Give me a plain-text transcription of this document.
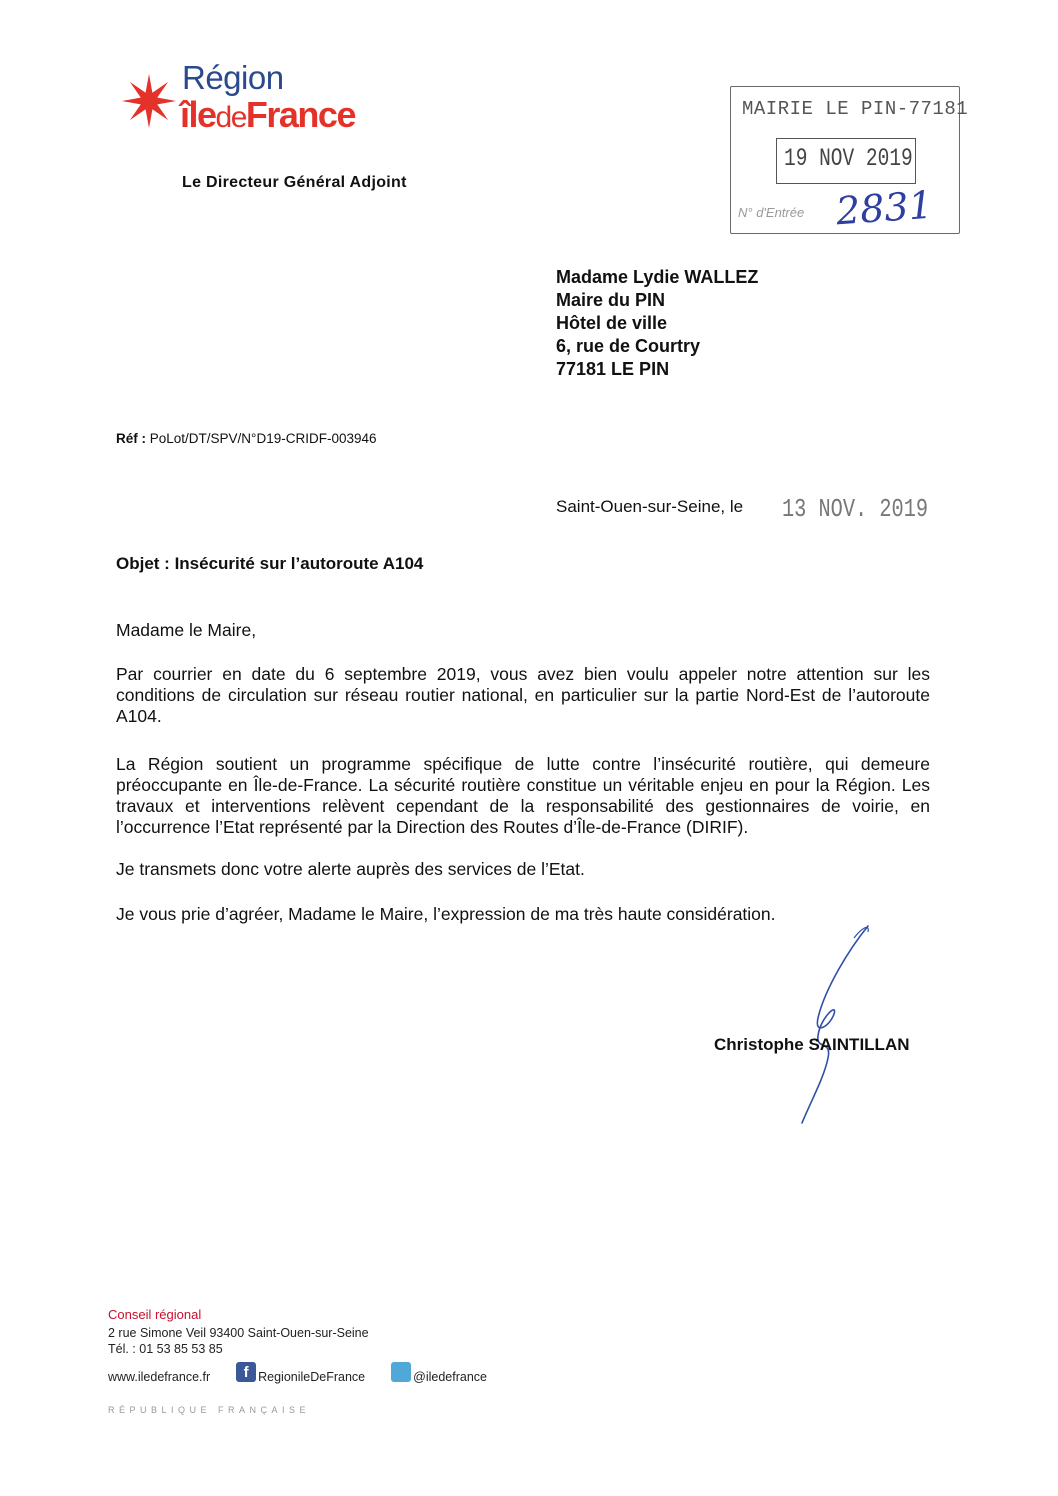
Région
îledeFrance
Le Directeur Général Adjoint
MAIRIE LE PIN-77181
19 NOV 2019
N° d'Entrée 2831
Madame Lydie WALLEZ
Maire du PIN
Hôtel de ville
6, rue de Courtry
77181 LE PIN
Réf : PoLot/DT/SPV/N°D19-CRIDF-003946
Saint-Ouen-sur-Seine, le 13 NOV. 2019
Objet : Insécurité sur l’autoroute A104
Madame le Maire,
Par courrier en date du 6 septembre 2019, vous avez bien voulu appeler notre attention sur les conditions de circulation sur réseau routier national, en particulier sur la partie Nord-Est de l’autoroute A104.
La Région soutient un programme spécifique de lutte contre l’insécurité routière, qui demeure préoccupante en Île-de-France. La sécurité routière constitue un véritable enjeu en pour la Région. Les travaux et interventions relèvent cependant de la responsabilité des gestionnaires de voirie, en l’occurrence l’Etat représenté par la Direction des Routes d’Île-de-France (DIRIF).
Je transmets donc votre alerte auprès des services de l’Etat.
Je vous prie d’agréer, Madame le Maire, l’expression de ma très haute considération.
Christophe SAINTILLAN
Conseil régional
2 rue Simone Veil 93400 Saint-Ouen-sur-Seine
Tél. : 01 53 85 53 85
www.iledefrance.fr	f RegionileDeFrance	@iledefrance
RÉPUBLIQUE FRANÇAISE
